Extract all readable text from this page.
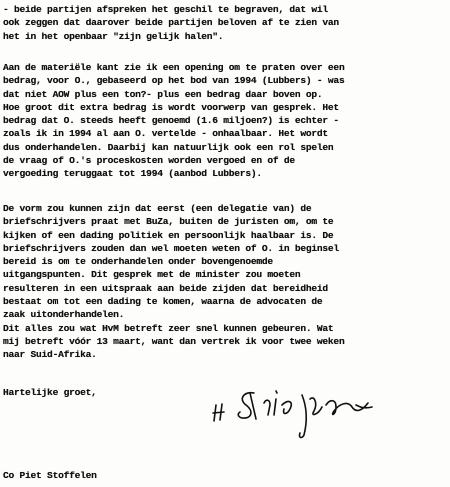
- beide partijen afspreken het geschil te begraven, dat wil
ook zeggen dat daarover beide partijen beloven af te zien van
het in het openbaar "zijn gelijk halen".
Aan de materiële kant zie ik een opening om te praten over een
bedrag, voor O., gebaseerd op het bod van 1994 (Lubbers) - was
dat niet AOW plus een ton?- plus een bedrag daar boven op.
Hoe groot dit extra bedrag is wordt voorwerp van gesprek. Het
bedrag dat O. steeds heeft genoemd (1.6 miljoen?) is echter -
zoals ik in 1994 al aan O. vertelde - onhaalbaar. Het wordt
dus onderhandelen. Daarbij kan natuurlijk ook een rol spelen
de vraag of O.'s proceskosten worden vergoed en of de
vergoeding teruggaat tot 1994 (aanbod Lubbers).
De vorm zou kunnen zijn dat eerst (een delegatie van) de
briefschrijvers praat met BuZa, buiten de juristen om, om te
kijken of een dading politiek en persoonlijk haalbaar is. De
briefschrijvers zouden dan wel moeten weten of O. in beginsel
bereid is om te onderhandelen onder bovengenoemde
uitgangspunten. Dit gesprek met de minister zou moeten
resulteren in een uitspraak aan beide zijden dat bereidheid
bestaat om tot een dading te komen, waarna de advocaten de
zaak uitonderhandelen.
Dit alles zou wat HvM betreft zeer snel kunnen gebeuren. Wat
mij betreft vóór 13 maart, want dan vertrek ik voor twee weken
naar Suid-Afrika.
Hartelijke groet,
Co Piet Stoffelen
